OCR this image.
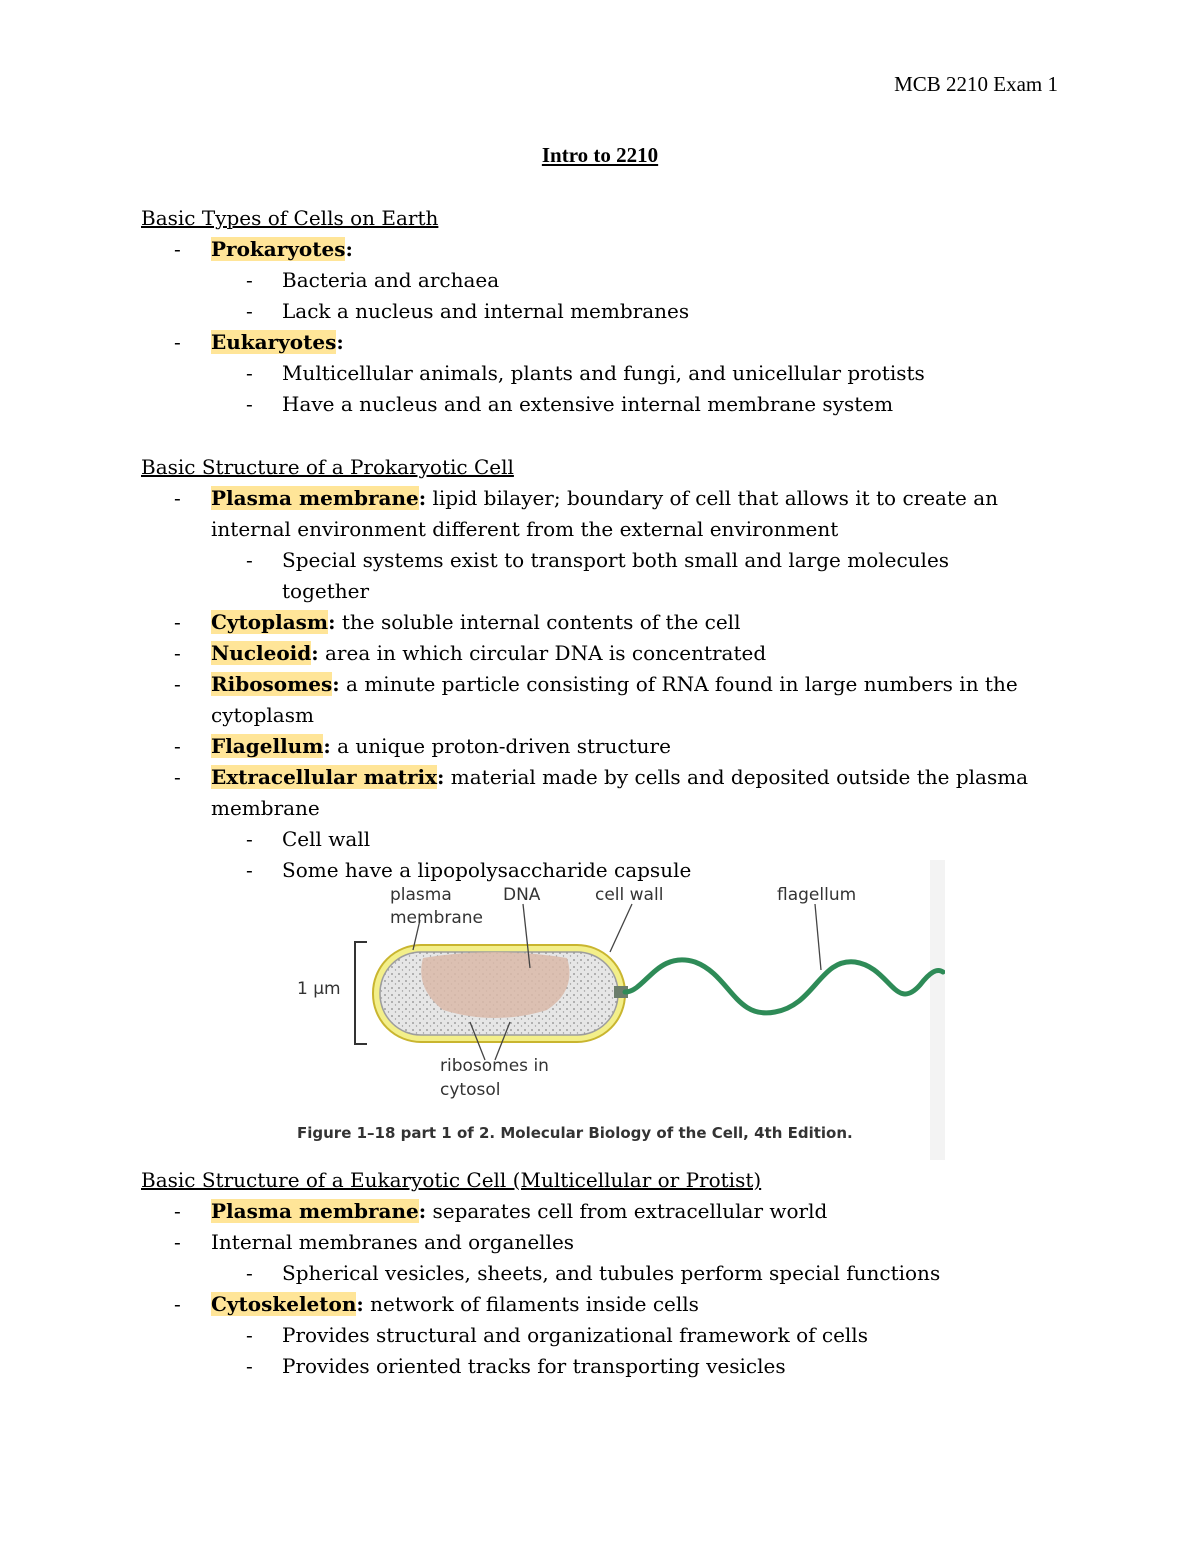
MCB 2210 Exam 1
Intro to 2210
Basic Types of Cells on Earth
- Prokaryotes:
- Bacteria and archaea
- Lack a nucleus and internal membranes
- Eukaryotes:
- Multicellular animals, plants and fungi, and unicellular protists
- Have a nucleus and an extensive internal membrane system
Basic Structure of a Prokaryotic Cell
- Plasma membrane: lipid bilayer; boundary of cell that allows it to create an internal environment different from the external environment
- Special systems exist to transport both small and large molecules together
- Cytoplasm: the soluble internal contents of the cell
- Nucleoid: area in which circular DNA is concentrated
- Ribosomes: a minute particle consisting of RNA found in large numbers in the cytoplasm
- Flagellum: a unique proton-driven structure
- Extracellular matrix: material made by cells and deposited outside the plasma membrane
- Cell wall
- Some have a lipopolysaccharide capsule
plasma
membrane
DNA	cell wall	flagellum
1 µm
ribosomes in
cytosol
Figure 1–18 part 1 of 2. Molecular Biology of the Cell, 4th Edition.
Basic Structure of a Eukaryotic Cell (Multicellular or Protist)
- Plasma membrane: separates cell from extracellular world
- Internal membranes and organelles
- Spherical vesicles, sheets, and tubules perform special functions
- Cytoskeleton: network of filaments inside cells
- Provides structural and organizational framework of cells
- Provides oriented tracks for transporting vesicles
